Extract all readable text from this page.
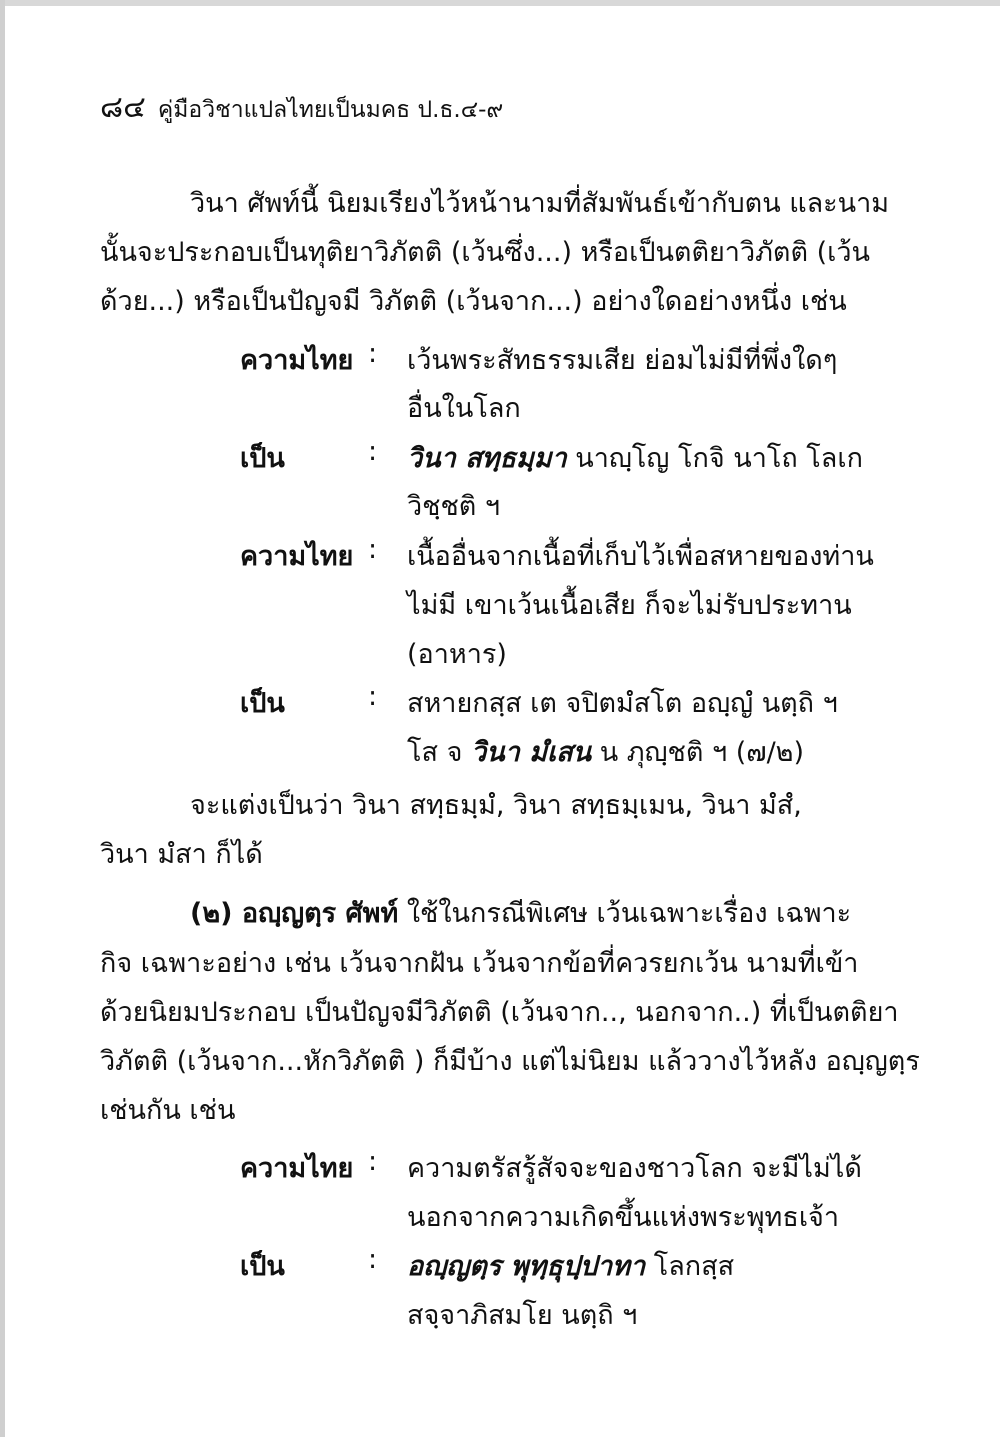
๘๔ คู่มือวิชาแปลไทยเป็นมคธ ป.ธ.๔-๙
วินา ศัพท์นี้ นิยมเรียงไว้หน้านามที่สัมพันธ์เข้ากับตน และนาม
นั้นจะประกอบเป็นทุติยาวิภัตติ (เว้นซึ่ง...) หรือเป็นตติยาวิภัตติ (เว้น
ด้วย...) หรือเป็นปัญจมี วิภัตติ (เว้นจาก...) อย่างใดอย่างหนึ่ง เช่น
ความไทย : เว้นพระสัทธรรมเสีย ย่อมไม่มีที่พึ่งใดๆ
อื่นในโลก
เป็น	: วินา สทฺธมฺมา นาญฺโญ โกจิ นาโถ โลเก
วิชฺชติ ฯ
ความไทย : เนื้ออื่นจากเนื้อที่เก็บไว้เพื่อสหายของท่าน
ไม่มี เขาเว้นเนื้อเสีย ก็จะไม่รับประทาน
(อาหาร)
เป็น	: สหายกสฺส เต จปิตมํสโต อญฺญํ นตฺถิ ฯ
โส จ วินา มํเสน น ภุญฺชติ ฯ (๗/๒)
จะแต่งเป็นว่า วินา สทฺธมฺมํ, วินา สทฺธมฺเมน, วินา มํสํ,
วินา มํสา ก็ได้
(๒) อญฺญตฺร ศัพท์ ใช้ในกรณีพิเศษ เว้นเฉพาะเรื่อง เฉพาะ
กิจ เฉพาะอย่าง เช่น เว้นจากฝัน เว้นจากข้อที่ควรยกเว้น นามที่เข้า
ด้วยนิยมประกอบ เป็นปัญจมีวิภัตติ (เว้นจาก.., นอกจาก..) ที่เป็นตติยา
วิภัตติ (เว้นจาก...หักวิภัตติ ) ก็มีบ้าง แต่ไม่นิยม แล้ววางไว้หลัง อญฺญตฺร
เช่นกัน เช่น
ความไทย : ความตรัสรู้สัจจะของชาวโลก จะมีไม่ได้
นอกจากความเกิดขึ้นแห่งพระพุทธเจ้า
เป็น	: อญฺญตฺร พุทฺธุปฺปาทา โลกสฺส
สจฺจาภิสมโย นตฺถิ ฯ
